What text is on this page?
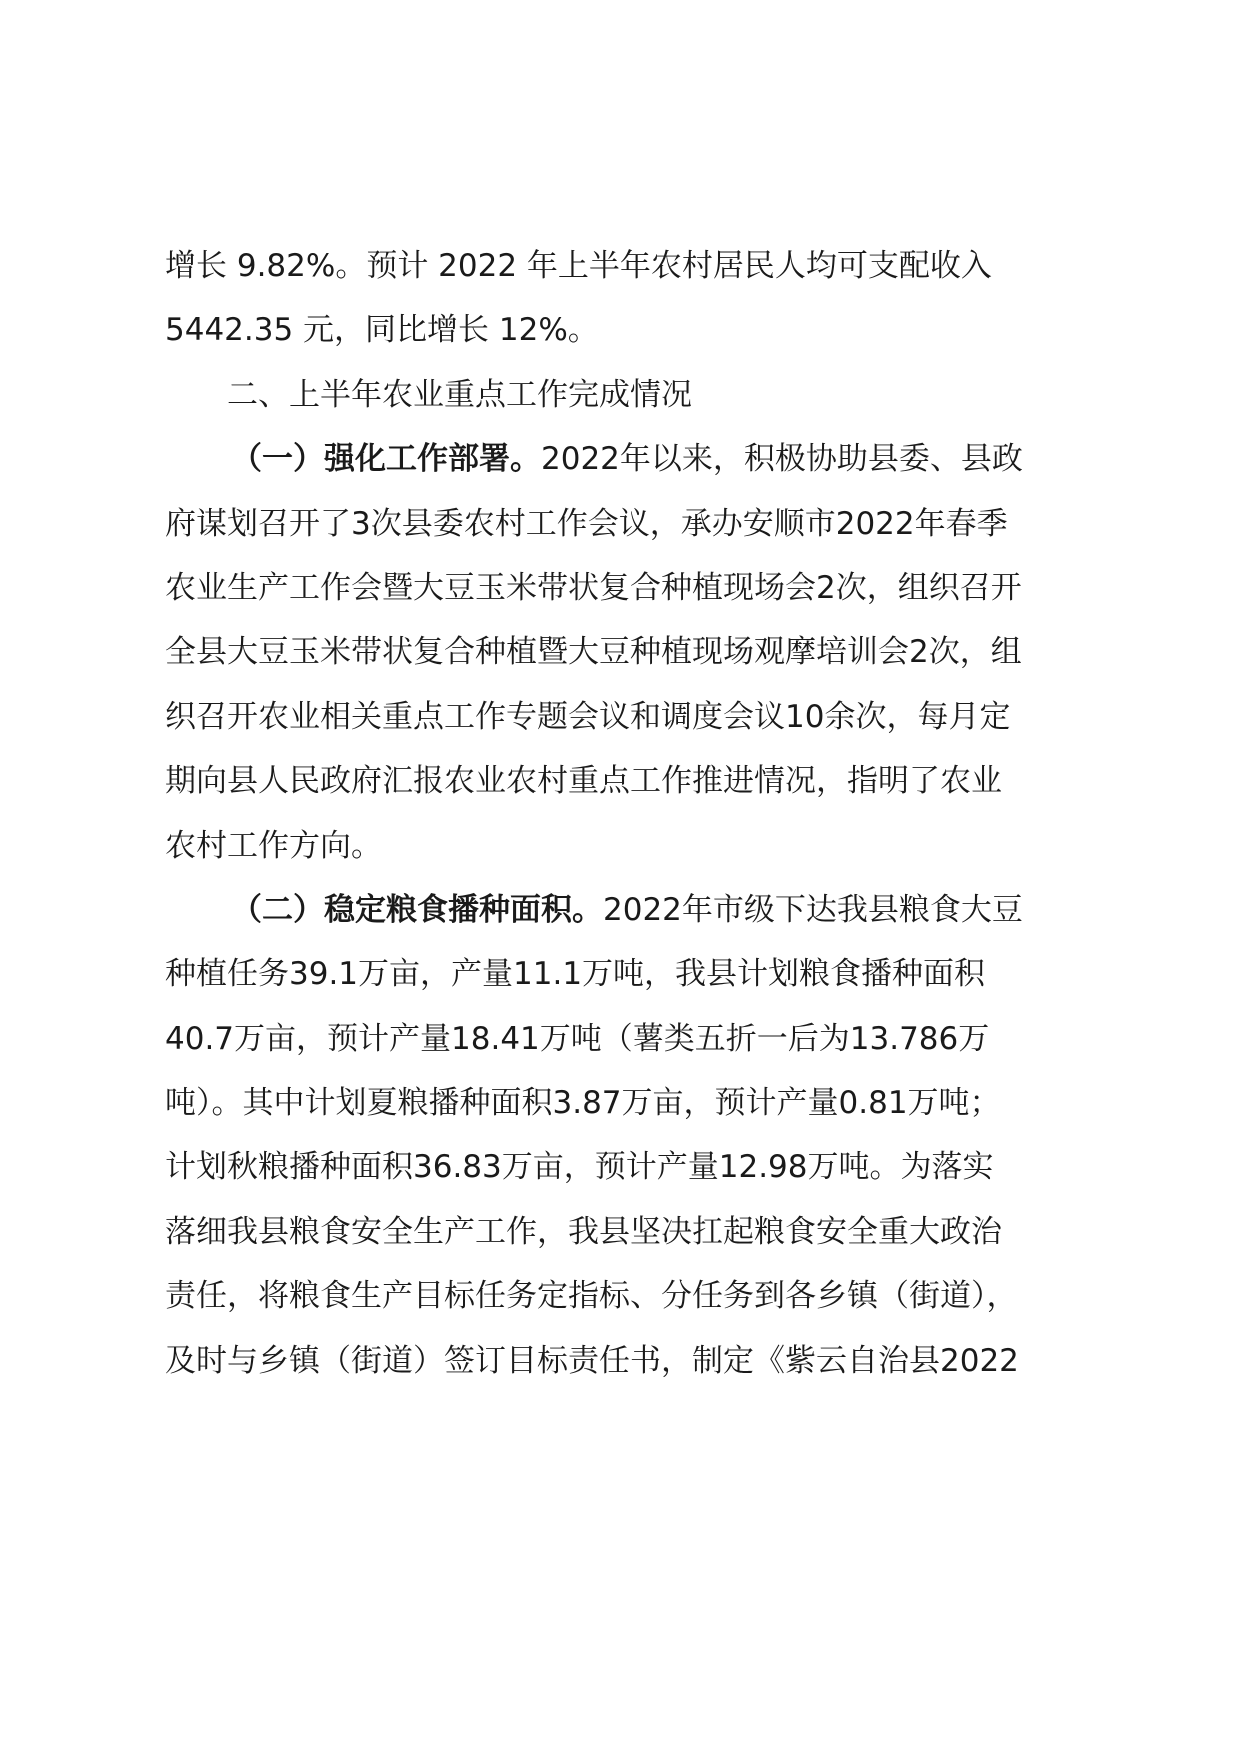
增长 9.82%。预计 2022 年上半年农村居民人均可支配收入
5442.35 元，同比增长 12%。
二、上半年农业重点工作完成情况
（一）强化工作部署。2022年以来，积极协助县委、县政
府谋划召开了3次县委农村工作会议，承办安顺市2022年春季
农业生产工作会暨大豆玉米带状复合种植现场会2次，组织召开
全县大豆玉米带状复合种植暨大豆种植现场观摩培训会2次，组
织召开农业相关重点工作专题会议和调度会议10余次，每月定
期向县人民政府汇报农业农村重点工作推进情况，指明了农业
农村工作方向。
（二）稳定粮食播种面积。2022年市级下达我县粮食大豆
种植任务39.1万亩，产量11.1万吨，我县计划粮食播种面积
40.7万亩，预计产量18.41万吨（薯类五折一后为13.786万
吨）。其中计划夏粮播种面积3.87万亩，预计产量0.81万吨；
计划秋粮播种面积36.83万亩，预计产量12.98万吨。为落实
落细我县粮食安全生产工作，我县坚决扛起粮食安全重大政治
责任，将粮食生产目标任务定指标、分任务到各乡镇（街道），
及时与乡镇（街道）签订目标责任书，制定《紫云自治县2022
